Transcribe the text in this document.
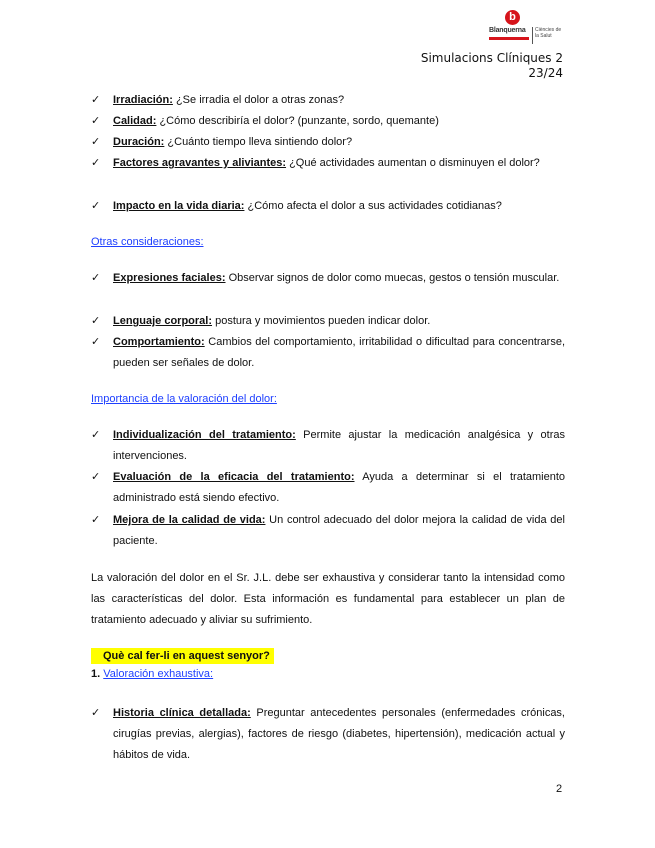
b
Blanquerna Ciències de la Salut
Simulacions Clíniques 2
23/24
✓ Irradiación: ¿Se irradia el dolor a otras zonas?
✓ Calidad: ¿Cómo describiría el dolor? (punzante, sordo, quemante)
✓ Duración: ¿Cuánto tiempo lleva sintiendo dolor?
✓ Factores agravantes y aliviantes: ¿Qué actividades aumentan o disminuyen el dolor?
✓ Impacto en la vida diaria: ¿Cómo afecta el dolor a sus actividades cotidianas?
Otras consideraciones:
✓ Expresiones faciales: Observar signos de dolor como muecas, gestos o tensión muscular.
✓ Lenguaje corporal: postura y movimientos pueden indicar dolor.
✓ Comportamiento: Cambios del comportamiento, irritabilidad o dificultad para concentrarse, pueden ser señales de dolor.
Importancia de la valoración del dolor:
✓ Individualización del tratamiento: Permite ajustar la medicación analgésica y otras intervenciones.
✓ Evaluación de la eficacia del tratamiento: Ayuda a determinar si el tratamiento administrado está siendo efectivo.
✓ Mejora de la calidad de vida: Un control adecuado del dolor mejora la calidad de vida del paciente.
La valoración del dolor en el Sr. J.L. debe ser exhaustiva y considerar tanto la intensidad como las características del dolor. Esta información es fundamental para establecer un plan de tratamiento adecuado y aliviar su sufrimiento.
Què cal fer-li en aquest senyor?
1. Valoración exhaustiva:
✓ Historia clínica detallada: Preguntar antecedentes personales (enfermedades crónicas, cirugías previas, alergias), factores de riesgo (diabetes, hipertensión), medicación actual y hábitos de vida.
2
